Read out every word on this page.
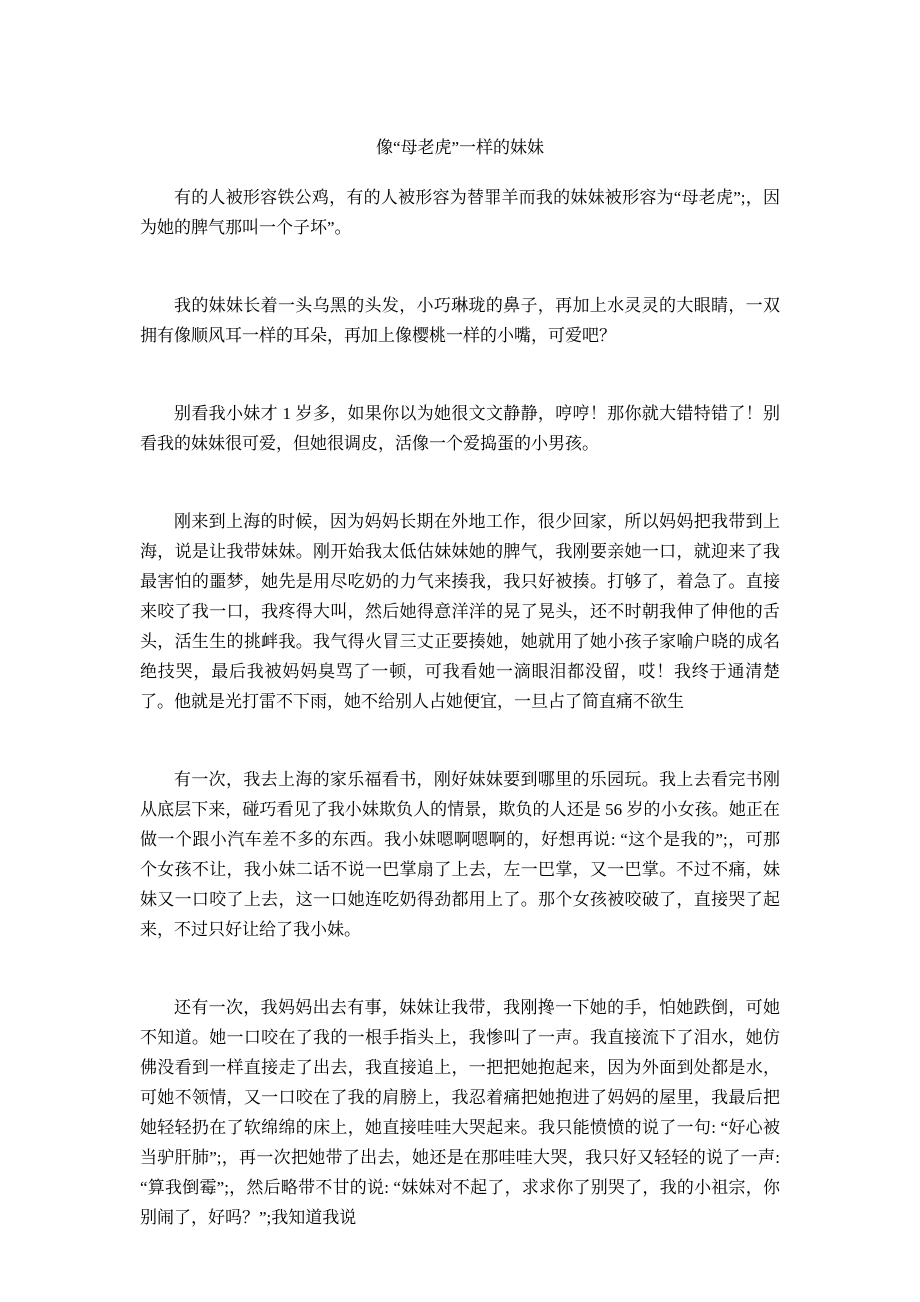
像“母老虎”一样的妹妹

有的人被形容铁公鸡，有的人被形容为替罪羊而我的妹妹被形容为“母老虎”;，因为她的脾气那叫一个子坏”。

我的妹妹长着一头乌黑的头发，小巧琳珑的鼻子，再加上水灵灵的大眼睛，一双拥有像顺风耳一样的耳朵，再加上像樱桃一样的小嘴，可爱吧？

别看我小妹才 1 岁多，如果你以为她很文文静静，哼哼！那你就大错特错了！别看我的妹妹很可爱，但她很调皮，活像一个爱捣蛋的小男孩。

刚来到上海的时候，因为妈妈长期在外地工作，很少回家，所以妈妈把我带到上海，说是让我带妹妹。刚开始我太低估妹妹她的脾气，我刚要亲她一口，就迎来了我最害怕的噩梦，她先是用尽吃奶的力气来揍我，我只好被揍。打够了，着急了。直接来咬了我一口，我疼得大叫，然后她得意洋洋的晃了晃头，还不时朝我伸了伸他的舌头，活生生的挑衅我。我气得火冒三丈正要揍她，她就用了她小孩子家喻户晓的成名绝技哭，最后我被妈妈臭骂了一顿，可我看她一滴眼泪都没留，哎！我终于通清楚了。他就是光打雷不下雨，她不给别人占她便宜，一旦占了简直痛不欲生

有一次，我去上海的家乐福看书，刚好妹妹要到哪里的乐园玩。我上去看完书刚从底层下来，碰巧看见了我小妹欺负人的情景，欺负的人还是 56 岁的小女孩。她正在做一个跟小汽车差不多的东西。我小妹嗯啊嗯啊的，好想再说: “这个是我的”;，可那个女孩不让，我小妹二话不说一巴掌扇了上去，左一巴掌，又一巴掌。不过不痛，妹妹又一口咬了上去，这一口她连吃奶得劲都用上了。那个女孩被咬破了，直接哭了起来，不过只好让给了我小妹。

还有一次，我妈妈出去有事，妹妹让我带，我刚搀一下她的手，怕她跌倒，可她不知道。她一口咬在了我的一根手指头上，我惨叫了一声。我直接流下了泪水，她仿佛没看到一样直接走了出去，我直接追上，一把把她抱起来，因为外面到处都是水，可她不领情，又一口咬在了我的肩膀上，我忍着痛把她抱进了妈妈的屋里，我最后把她轻轻扔在了软绵绵的床上，她直接哇哇大哭起来。我只能愤愤的说了一句: “好心被当驴肝肺”;，再一次把她带了出去，她还是在那哇哇大哭，我只好又轻轻的说了一声: “算我倒霉”;，然后略带不甘的说: “妹妹对不起了，求求你了别哭了，我的小祖宗，你别闹了，好吗？”;我知道我说
